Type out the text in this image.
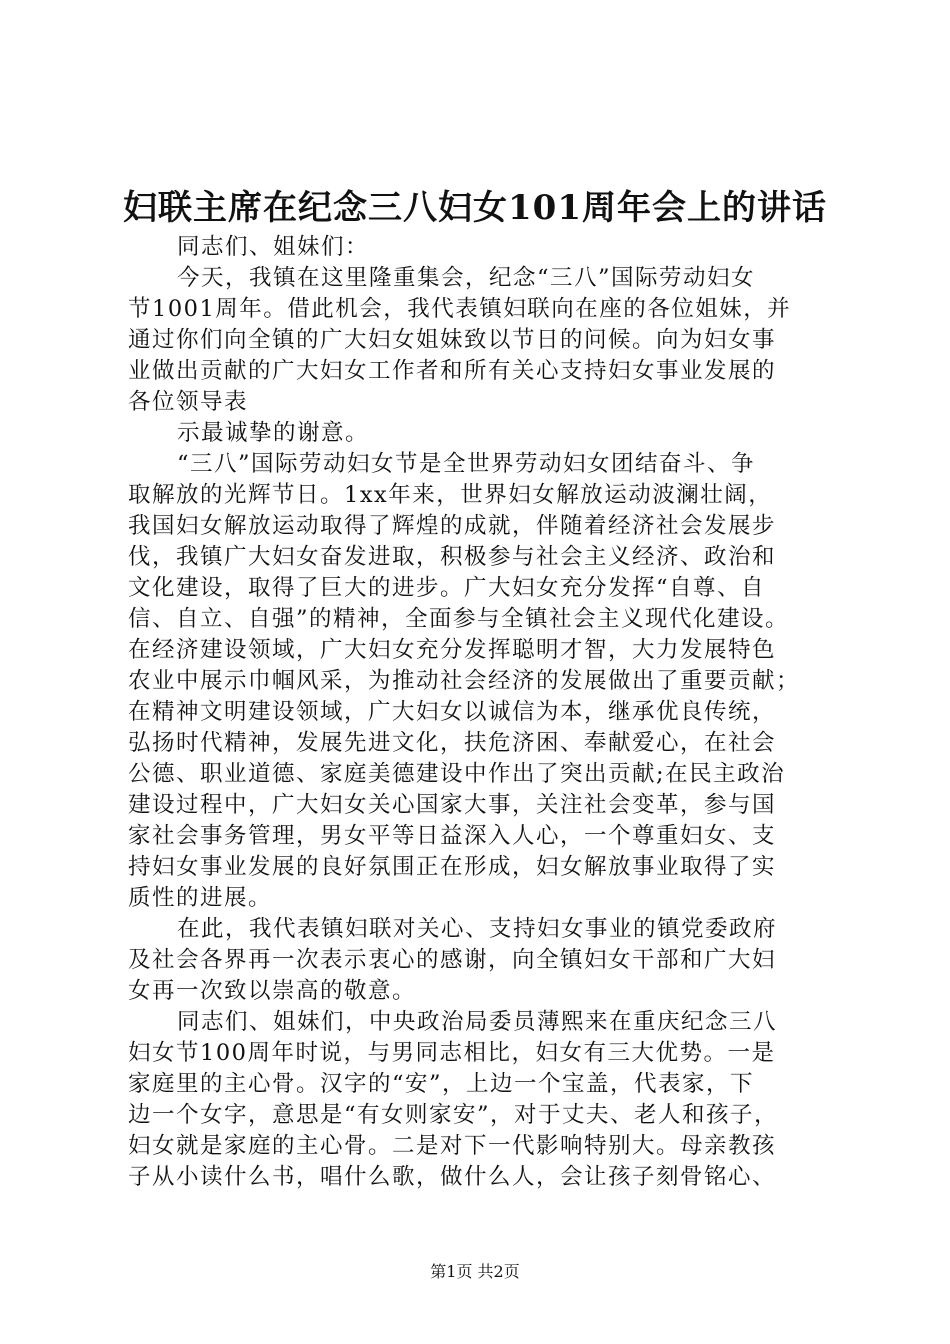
妇联主席在纪念三八妇女101周年会上的讲话
同志们、姐妹们：
今天，我镇在这里隆重集会，纪念“三八”国际劳动妇女
节1001周年。借此机会，我代表镇妇联向在座的各位姐妹，并
通过你们向全镇的广大妇女姐妹致以节日的问候。向为妇女事
业做出贡献的广大妇女工作者和所有关心支持妇女事业发展的
各位领导表
示最诚挚的谢意。
“三八”国际劳动妇女节是全世界劳动妇女团结奋斗、争
取解放的光辉节日。1xx年来，世界妇女解放运动波澜壮阔，
我国妇女解放运动取得了辉煌的成就，伴随着经济社会发展步
伐，我镇广大妇女奋发进取，积极参与社会主义经济、政治和
文化建设，取得了巨大的进步。广大妇女充分发挥“自尊、自
信、自立、自强”的精神，全面参与全镇社会主义现代化建设。
在经济建设领域，广大妇女充分发挥聪明才智，大力发展特色
农业中展示巾帼风采，为推动社会经济的发展做出了重要贡献；
在精神文明建设领域，广大妇女以诚信为本，继承优良传统，
弘扬时代精神，发展先进文化，扶危济困、奉献爱心，在社会
公德、职业道德、家庭美德建设中作出了突出贡献;在民主政治
建设过程中，广大妇女关心国家大事，关注社会变革，参与国
家社会事务管理，男女平等日益深入人心，一个尊重妇女、支
持妇女事业发展的良好氛围正在形成，妇女解放事业取得了实
质性的进展。
在此，我代表镇妇联对关心、支持妇女事业的镇党委政府
及社会各界再一次表示衷心的感谢，向全镇妇女干部和广大妇
女再一次致以崇高的敬意。
同志们、姐妹们，中央政治局委员薄熙来在重庆纪念三八
妇女节100周年时说，与男同志相比，妇女有三大优势。一是
家庭里的主心骨。汉字的“安”，上边一个宝盖，代表家，下
边一个女字，意思是“有女则家安”，对于丈夫、老人和孩子，
妇女就是家庭的主心骨。二是对下一代影响特别大。母亲教孩
子从小读什么书，唱什么歌，做什么人，会让孩子刻骨铭心、
第1页 共2页
